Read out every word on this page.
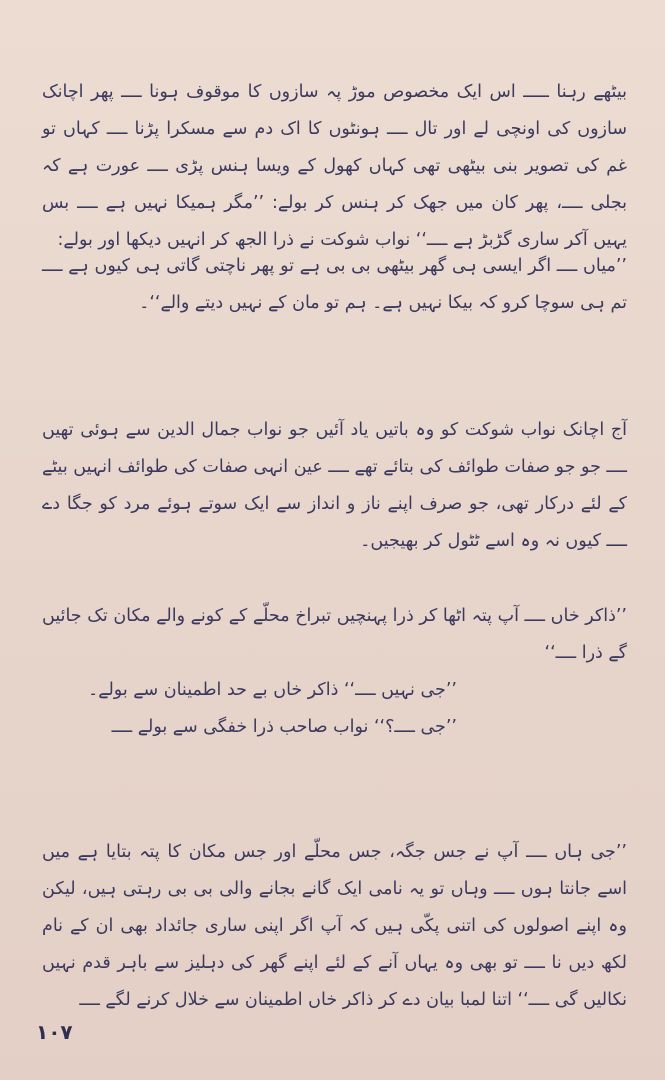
بیٹھے رہنا ـــــ اس ایک مخصوص موڑ پہ سازوں کا موقوف ہونا ــــ پھر اچانک سازوں کی اونچی لے اور تال ــــ ہونٹوں کا اک دم سے مسکرا پڑنا ــــ کہاں تو غم کی تصویر بنی بیٹھی تھی کہاں کھول کے ویسا ہنس پڑی ــــ عورت ہے کہ بجلی ــــ، پھر کان میں جھک کر ہنس کر بولے: ’’مگر ہمیکا نہیں ہے ــــ بس یہیں آکر ساری گڑبڑ ہے ــــ‘‘ نواب شوکت نے ذرا الجھ کر انہیں دیکھا اور بولے:

’’میاں ــــ اگر ایسی ہی گھر بیٹھی بی بی ہے تو پھر ناچتی گاتی ہی کیوں ہے ــــ تم ہی سوچا کرو کہ بیکا نہیں ہے۔ ہم تو مان کے نہیں دیتے والے‘‘۔

آج اچانک نواب شوکت کو وہ باتیں یاد آئیں جو نواب جمال الدین سے ہوئی تھیں ــــ جو جو صفات طوائف کی بتائے تھے ــــ عین انہی صفات کی طوائف انہیں بیٹے کے لئے درکار تھی، جو صرف اپنے ناز و انداز سے ایک سوتے ہوئے مرد کو جگا دے ــــ کیوں نہ وہ اسے ٹٹول کر بھیجیں۔

’’ذاکر خاں ــــ آپ پتہ اٹھا کر ذرا پہنچیں تبراخ محلّے کے کونے والے مکان تک جائیں گے ذرا ــــ‘‘

’’جی نہیں ــــ‘‘ ذاکر خاں بے حد اطمینان سے بولے۔

’’جی ــــ؟‘‘ نواب صاحب ذرا خفگی سے بولے ــــ

’’جی ہاں ــــ آپ نے جس جگہ، جس محلّے اور جس مکان کا پتہ بتایا ہے میں اسے جانتا ہوں ــــ وہاں تو یہ نامی ایک گانے بجانے والی بی بی رہتی ہیں، لیکن وہ اپنے اصولوں کی اتنی پکّی ہیں کہ آپ اگر اپنی ساری جائداد بھی ان کے نام لکھ دیں نا ــــ تو بھی وہ یہاں آنے کے لئے اپنے گھر کی دہلیز سے باہر قدم نہیں نکالیں گی ــــ‘‘ اتنا لمبا بیان دے کر ذاکر خاں اطمینان سے خلال کرنے لگے ــــ

۱۰۷
